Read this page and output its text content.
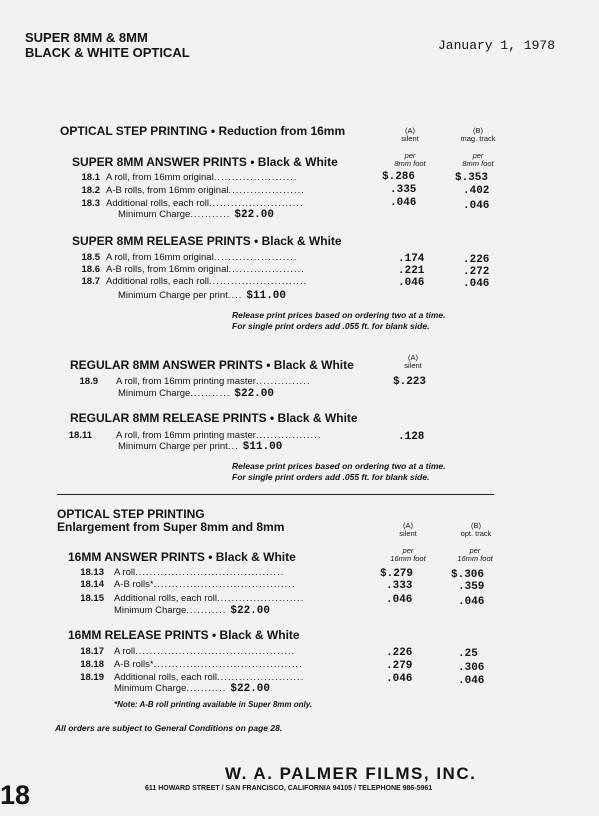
SUPER 8MM & 8MM
BLACK & WHITE OPTICAL	January 1, 1978
OPTICAL STEP PRINTING • Reduction from 16mm	(A)
silent
(B)
mag. track
per
8mm foot
per
8mm foot
SUPER 8MM ANSWER PRINTS • Black & White
18.1 A roll, from 16mm original.......................	$.286	$.353
18.2 A-B rolls, from 16mm original.....................	.335	.402
18.3 Additional rolls, each roll..........................	.046	.046
Minimum Charge........... $22.00
SUPER 8MM RELEASE PRINTS • Black & White
18.5 A roll, from 16mm original.......................	.174	.226
18.6 A-B rolls, from 16mm original.....................	.221	.272
18.7 Additional rolls, each roll...........................	.046	.046
Minimum Charge per print.... $11.00
Release print prices based on ordering two at a time.
For single print orders add .055 ft. for blank side.
REGULAR 8MM ANSWER PRINTS • Black & White
(A)
silent
18.9 A roll, from 16mm printing master...............	$.223
Minimum Charge........... $22.00
REGULAR 8MM RELEASE PRINTS • Black & White
18.11	A roll, from 16mm printing master..................	.128
Minimum Charge per print... $11.00
Release print prices based on ordering two at a time.
For single print orders add .055 ft. for blank side.
OPTICAL STEP PRINTING
Enlargement from Super 8mm and 8mm	(A)
silent
(B)
opt. track
per
16mm foot
per
16mm foot
16MM ANSWER PRINTS • Black & White
18.13 A roll.........................................	$.279	$.306
18.14 A-B rolls*.......................................	.333	.359
18.15 Additional rolls, each roll........................	.046	.046
Minimum Charge........... $22.00
16MM RELEASE PRINTS • Black & White
18.17 A roll............................................	.226	.25
18.18 A-B rolls*.........................................	.279	.306
18.19 Additional rolls, each roll........................	.046	.046
Minimum Charge........... $22.00
*Note: A-B roll printing available in Super 8mm only.
All orders are subject to General Conditions on page 28.
18
W. A. PALMER FILMS, INC.
611 HOWARD STREET / SAN FRANCISCO, CALIFORNIA 94105 / TELEPHONE 986-5961
